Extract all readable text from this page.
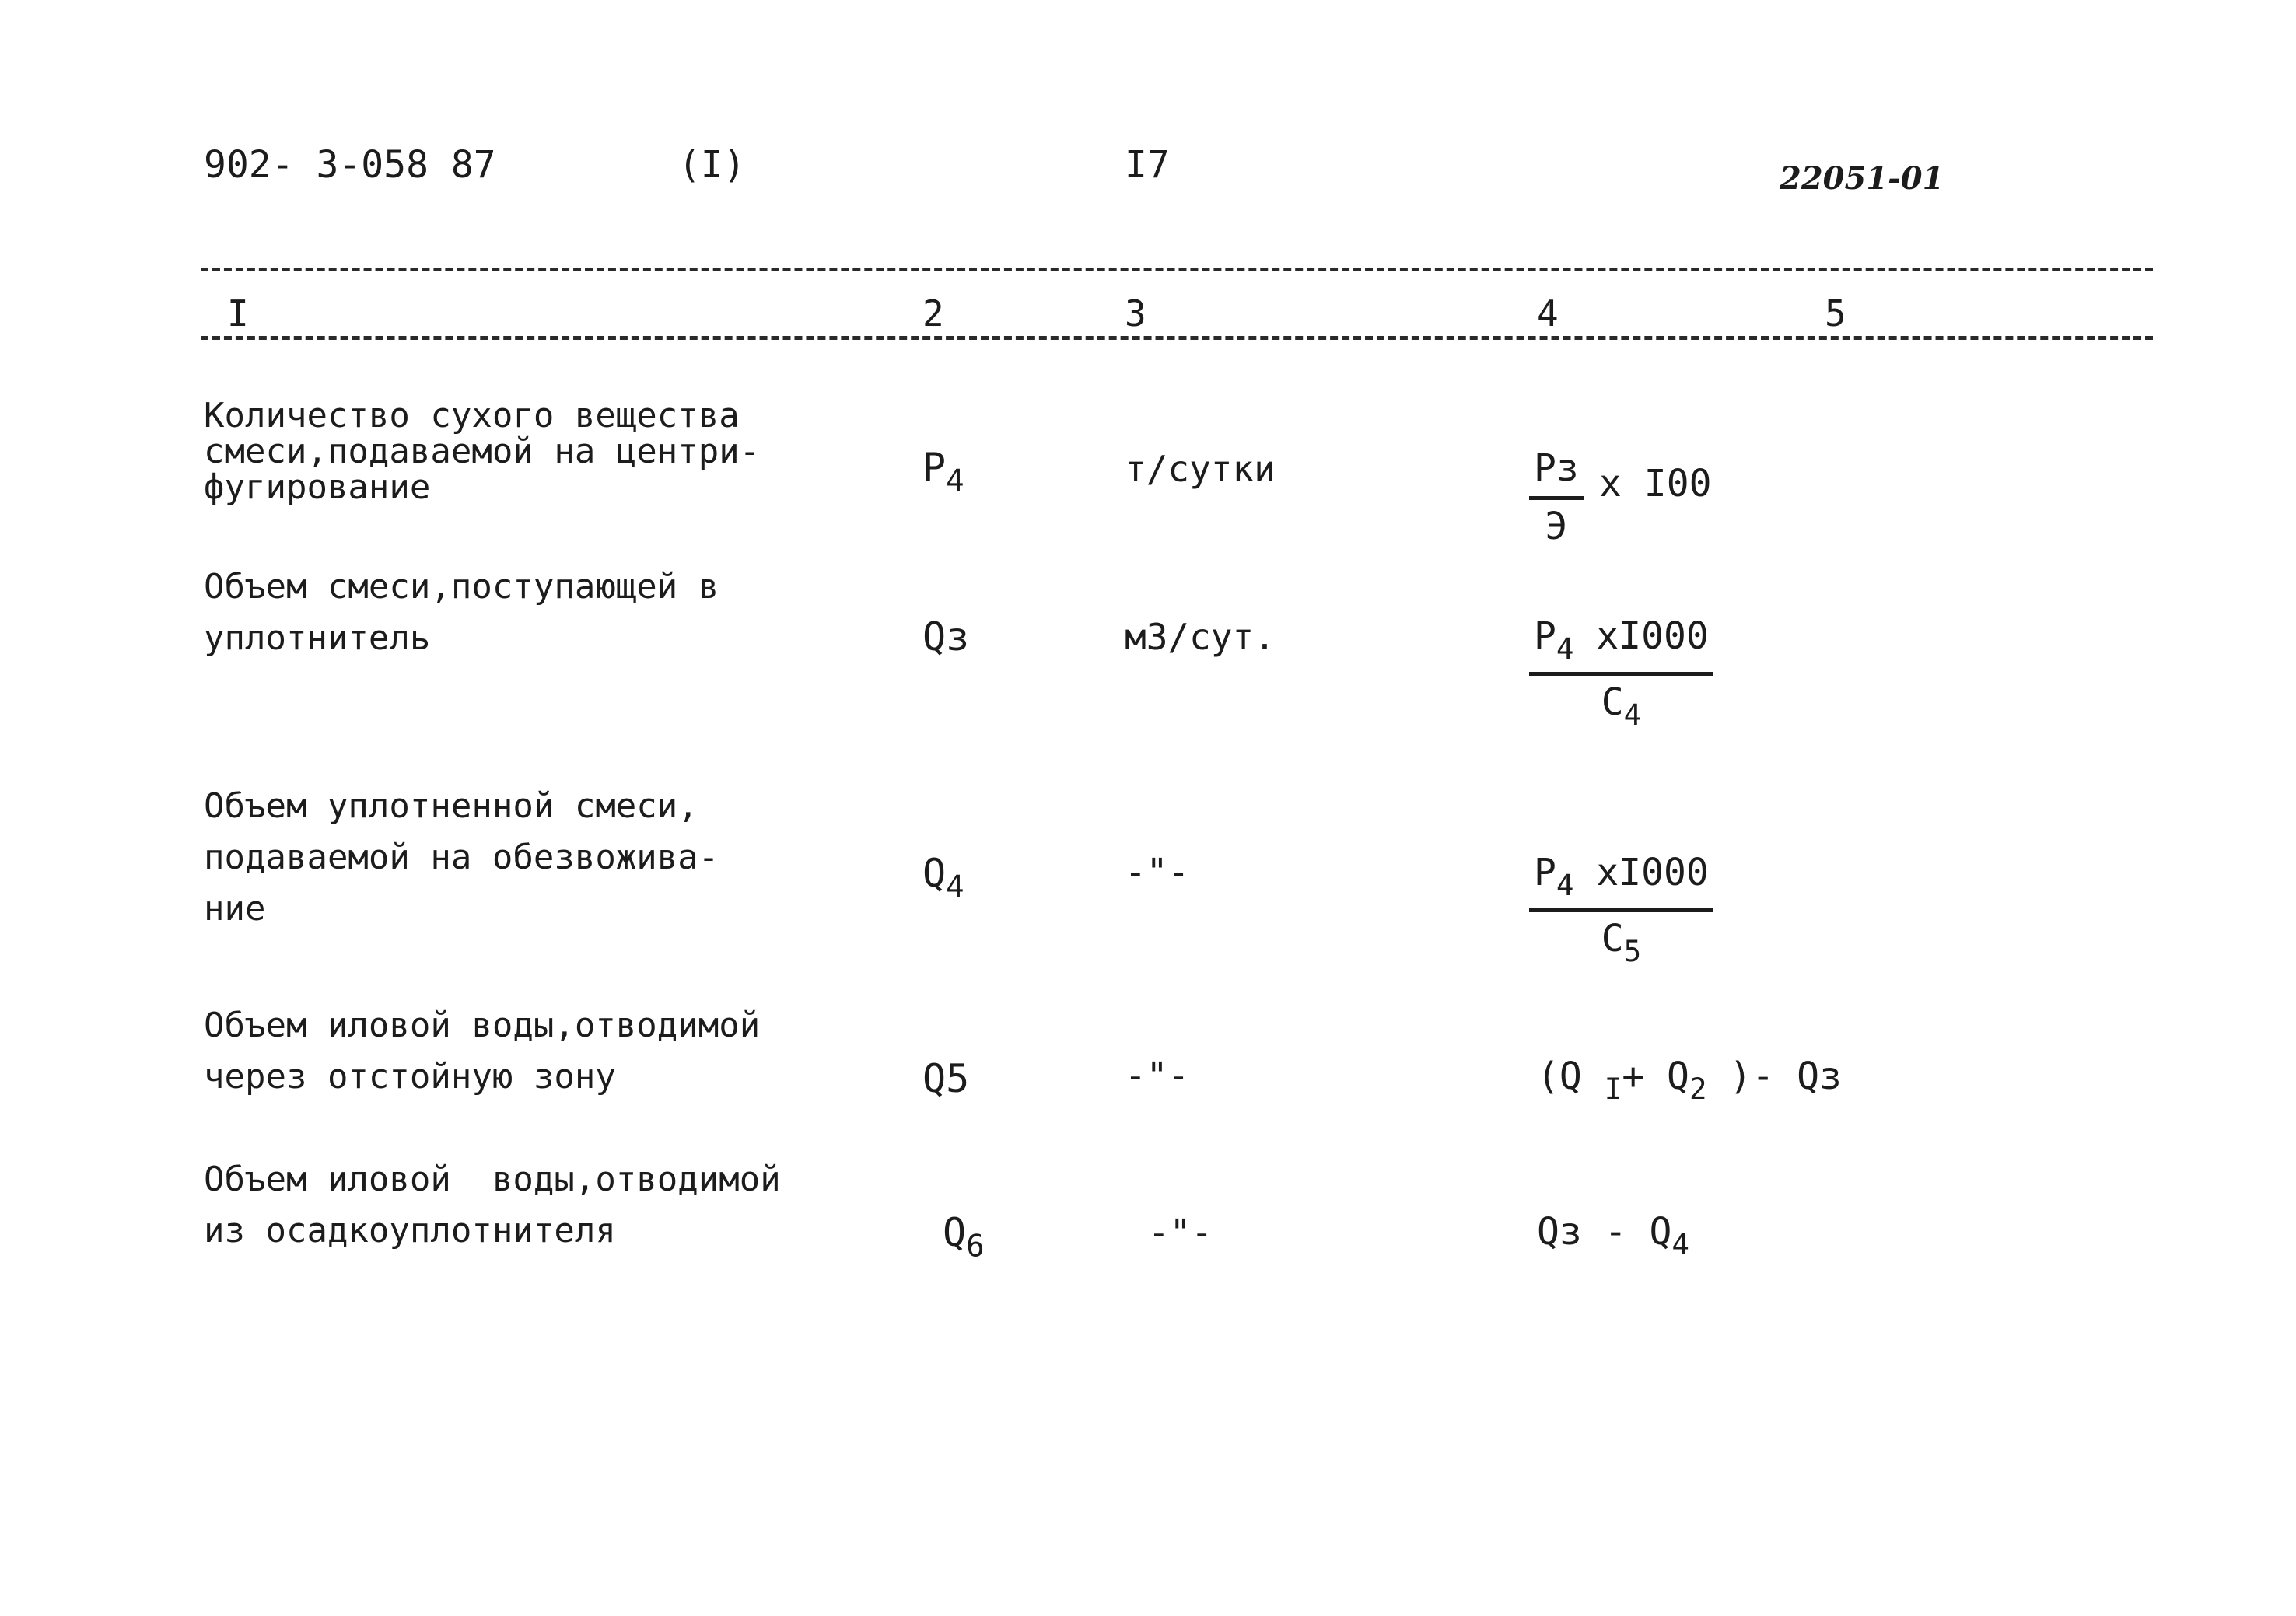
902- 3-058 87	(I)	I7	22051-01
I	2	3	4	5
Количество сухого вещества
смеси,подаваемой на центри-
фугирование	$P_4$	т/сутки	Рз
Э
x I00
Объем смеси,поступающей в
уплотнитель	Qз	м3/сут.	$P_4$ xI000
$C_4$
Объем уплотненной смеси,
подаваемой на обезвожива-
ние
$Q_4$	-"-	$P_4$ xI000
$C_5$
Объем иловой воды,отводимой
через отстойную зону	Q5	-"-	(Q $_I+ Q_2$ )- Qз
Объем иловой  воды,отводимой
из осадкоуплотнителя	$Q_6$	-"-	Qз - $Q_4$
